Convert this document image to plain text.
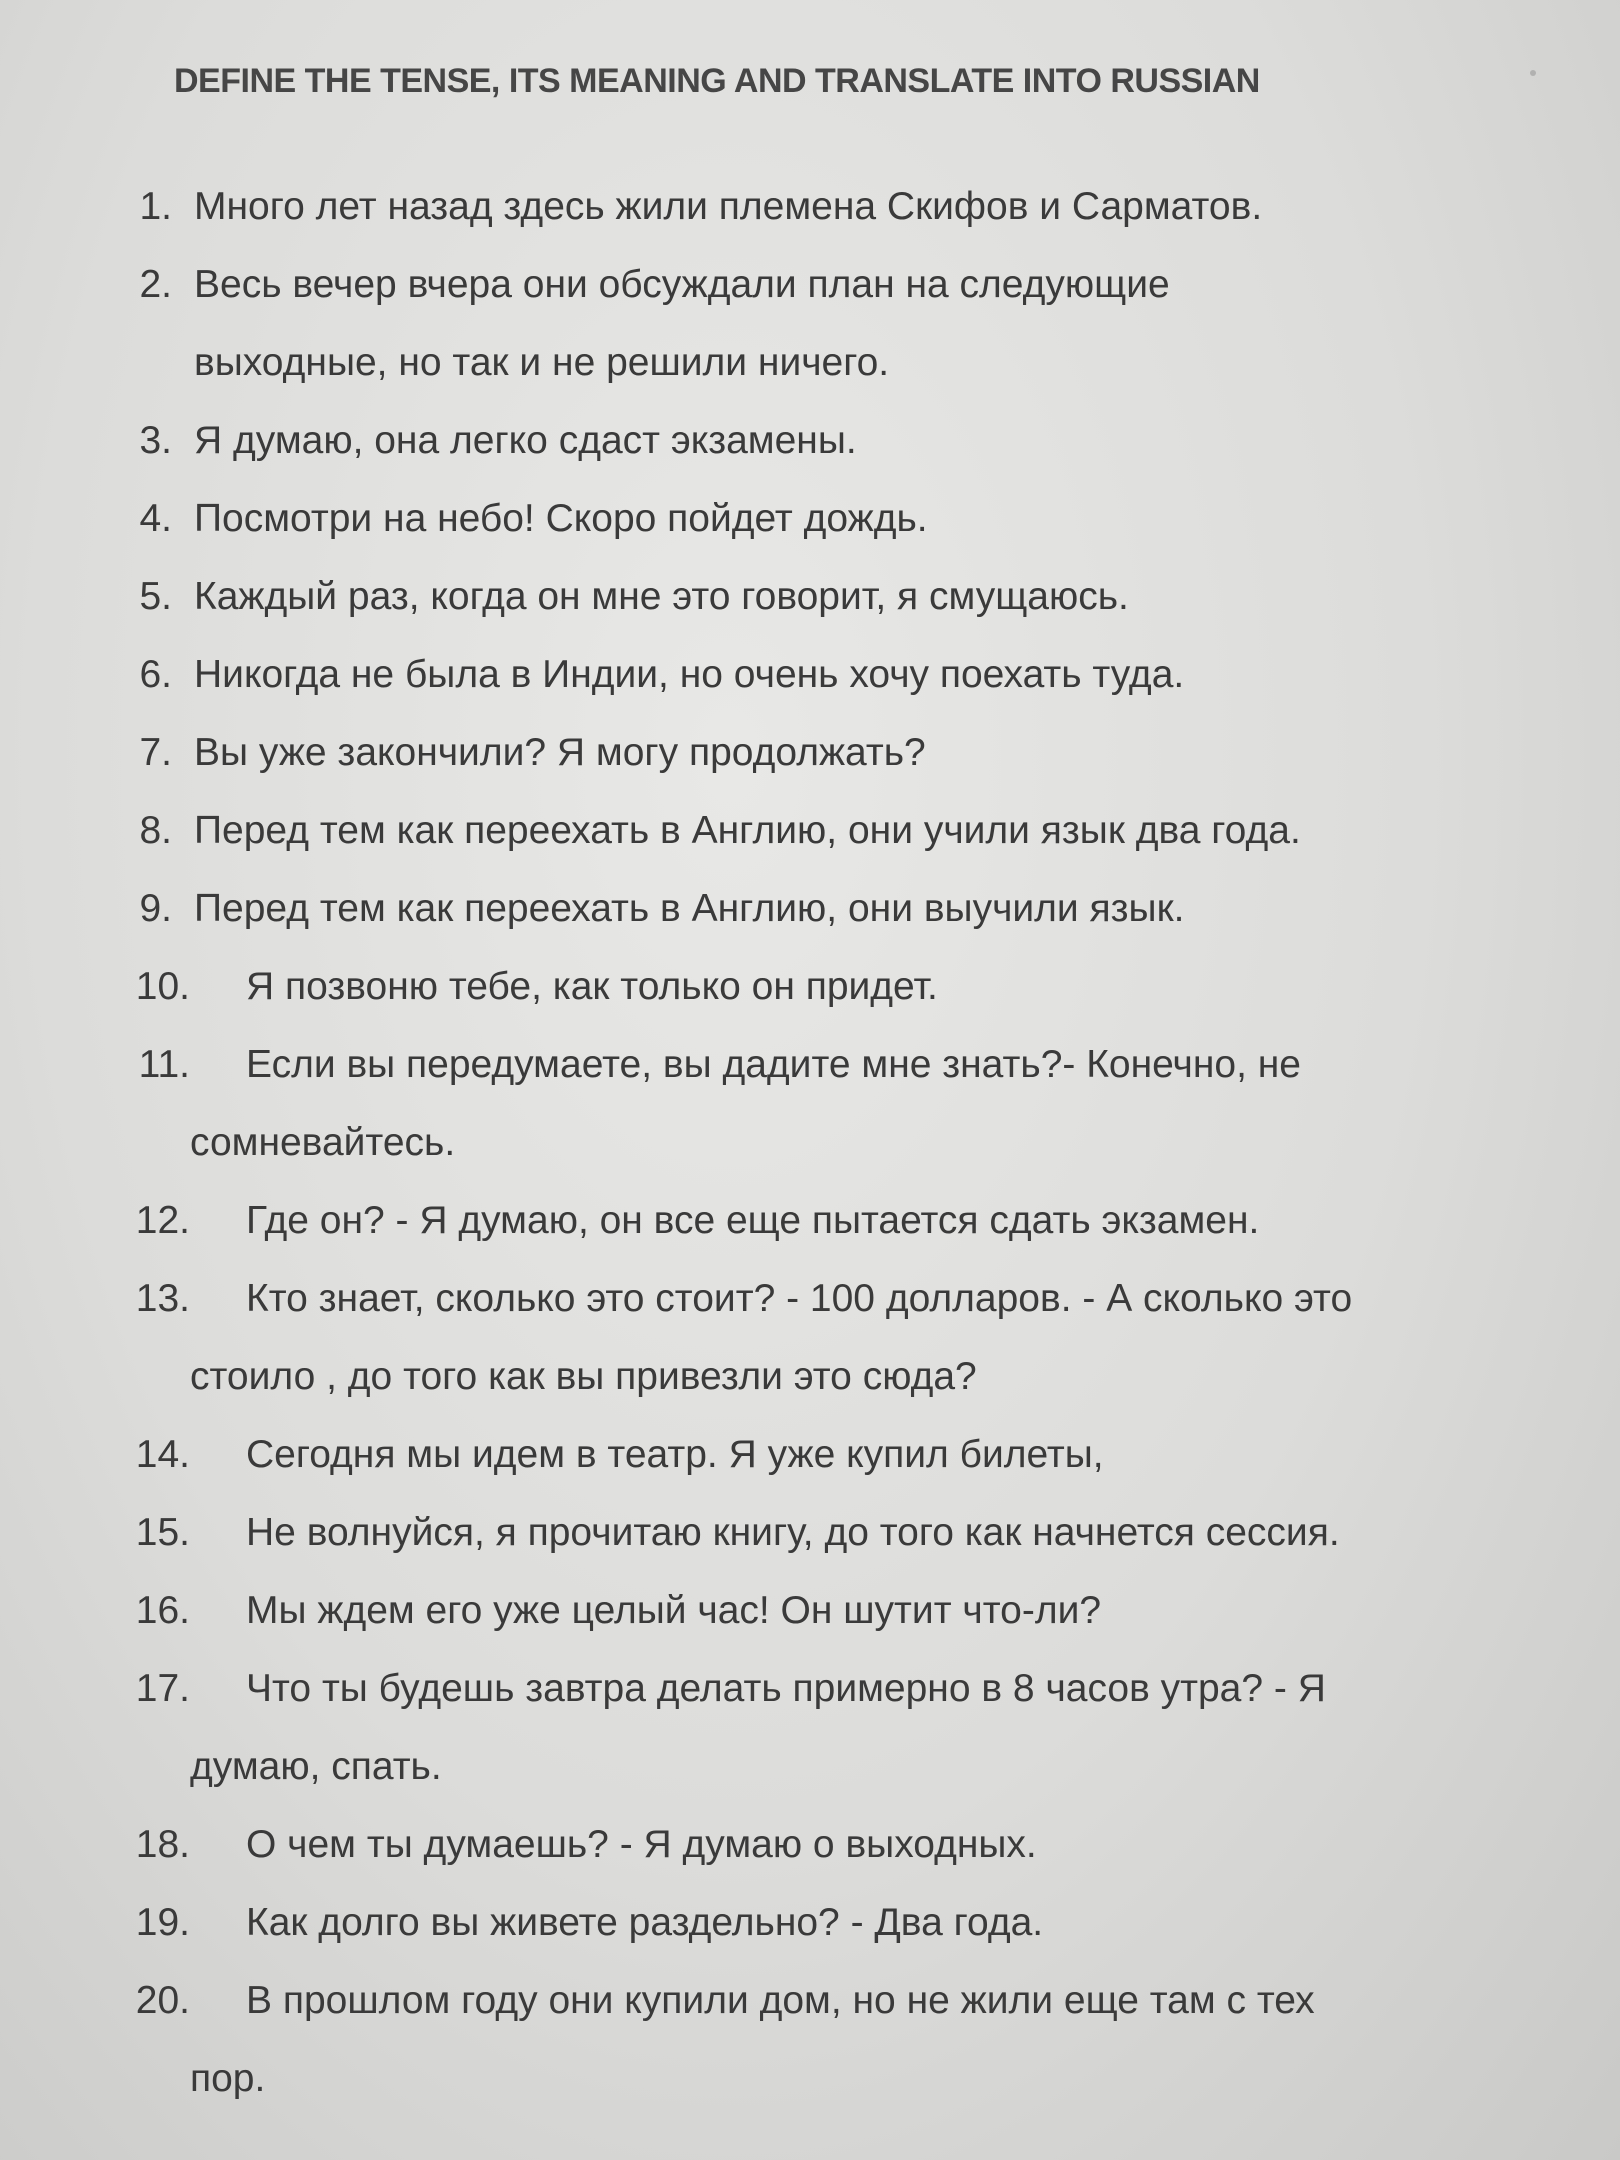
DEFINE THE TENSE, ITS MEANING AND TRANSLATE INTO RUSSIAN
1. Много лет назад здесь жили племена Скифов и Сарматов.
2. Весь вечер вчера они обсуждали план на следующие
выходные, но так и не решили ничего.
3. Я думаю, она легко сдаст экзамены.
4. Посмотри на небо! Скоро пойдет дождь.
5. Каждый раз, когда он мне это говорит, я смущаюсь.
6. Никогда не была в Индии, но очень хочу поехать туда.
7. Вы уже закончили? Я могу продолжать?
8. Перед тем как переехать в Англию, они учили язык два года.
9. Перед тем как переехать в Англию, они выучили язык.
10.	Я позвоню тебе, как только он придет.
11.	Если вы передумаете, вы дадите мне знать?- Конечно, не
сомневайтесь.
12.	Где он? - Я думаю, он все еще пытается сдать экзамен.
13.	Кто знает, сколько это стоит? - 100 долларов. - А сколько это
стоило , до того как вы привезли это сюда?
14.	Сегодня мы идем в театр. Я уже купил билеты,
15.	Не волнуйся, я прочитаю книгу, до того как начнется сессия.
16.	Мы ждем его уже целый час! Он шутит что-ли?
17.	Что ты будешь завтра делать примерно в 8 часов утра? - Я
думаю, спать.
18.	О чем ты думаешь? - Я думаю о выходных.
19.	Как долго вы живете раздельно? - Два года.
20.	В прошлом году они купили дом, но не жили еще там с тех
пор.
